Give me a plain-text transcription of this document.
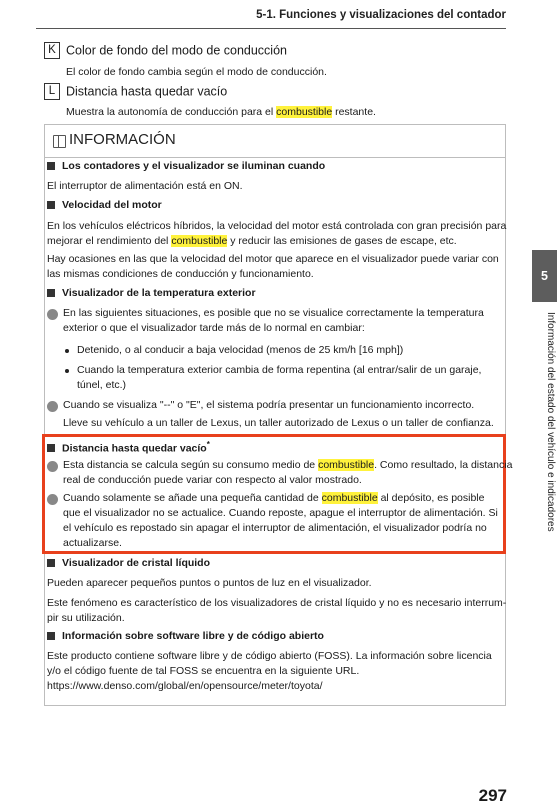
5-1. Funciones y visualizaciones del contador
K Color de fondo del modo de conducción
El color de fondo cambia según el modo de conducción.
L Distancia hasta quedar vacío
Muestra la autonomía de conducción para el combustible restante.
INFORMACIÓN
Los contadores y el visualizador se iluminan cuando
El interruptor de alimentación está en ON.
Velocidad del motor
En los vehículos eléctricos híbridos, la velocidad del motor está controlada con gran precisión para
mejorar el rendimiento del combustible y reducir las emisiones de gases de escape, etc.
Hay ocasiones en las que la velocidad del motor que aparece en el visualizador puede variar con
las mismas condiciones de conducción y funcionamiento.
Visualizador de la temperatura exterior
En las siguientes situaciones, es posible que no se visualice correctamente la temperatura
exterior o que el visualizador tarde más de lo normal en cambiar:
Detenido, o al conducir a baja velocidad (menos de 25 km/h [16 mph])
Cuando la temperatura exterior cambia de forma repentina (al entrar/salir de un garaje,
túnel, etc.)
Cuando se visualiza "--" o "E", el sistema podría presentar un funcionamiento incorrecto.
Lleve su vehículo a un taller de Lexus, un taller autorizado de Lexus o un taller de confianza.
Distancia hasta quedar vacío*
Esta distancia se calcula según su consumo medio de combustible. Como resultado, la distancia
real de conducción puede variar con respecto al valor mostrado.
Cuando solamente se añade una pequeña cantidad de combustible al depósito, es posible
que el visualizador no se actualice. Cuando reposte, apague el interruptor de alimentación. Si
el vehículo es repostado sin apagar el interruptor de alimentación, el visualizador podría no
actualizarse.
Visualizador de cristal líquido
Pueden aparecer pequeños puntos o puntos de luz en el visualizador.
Este fenómeno es característico de los visualizadores de cristal líquido y no es necesario interrum-
pir su utilización.
Información sobre software libre y de código abierto
Este producto contiene software libre y de código abierto (FOSS). La información sobre licencia
y/o el código fuente de tal FOSS se encuentra en la siguiente URL.
https://www.denso.com/global/en/opensource/meter/toyota/
5
Información del estado del vehículo e indicadores
297
